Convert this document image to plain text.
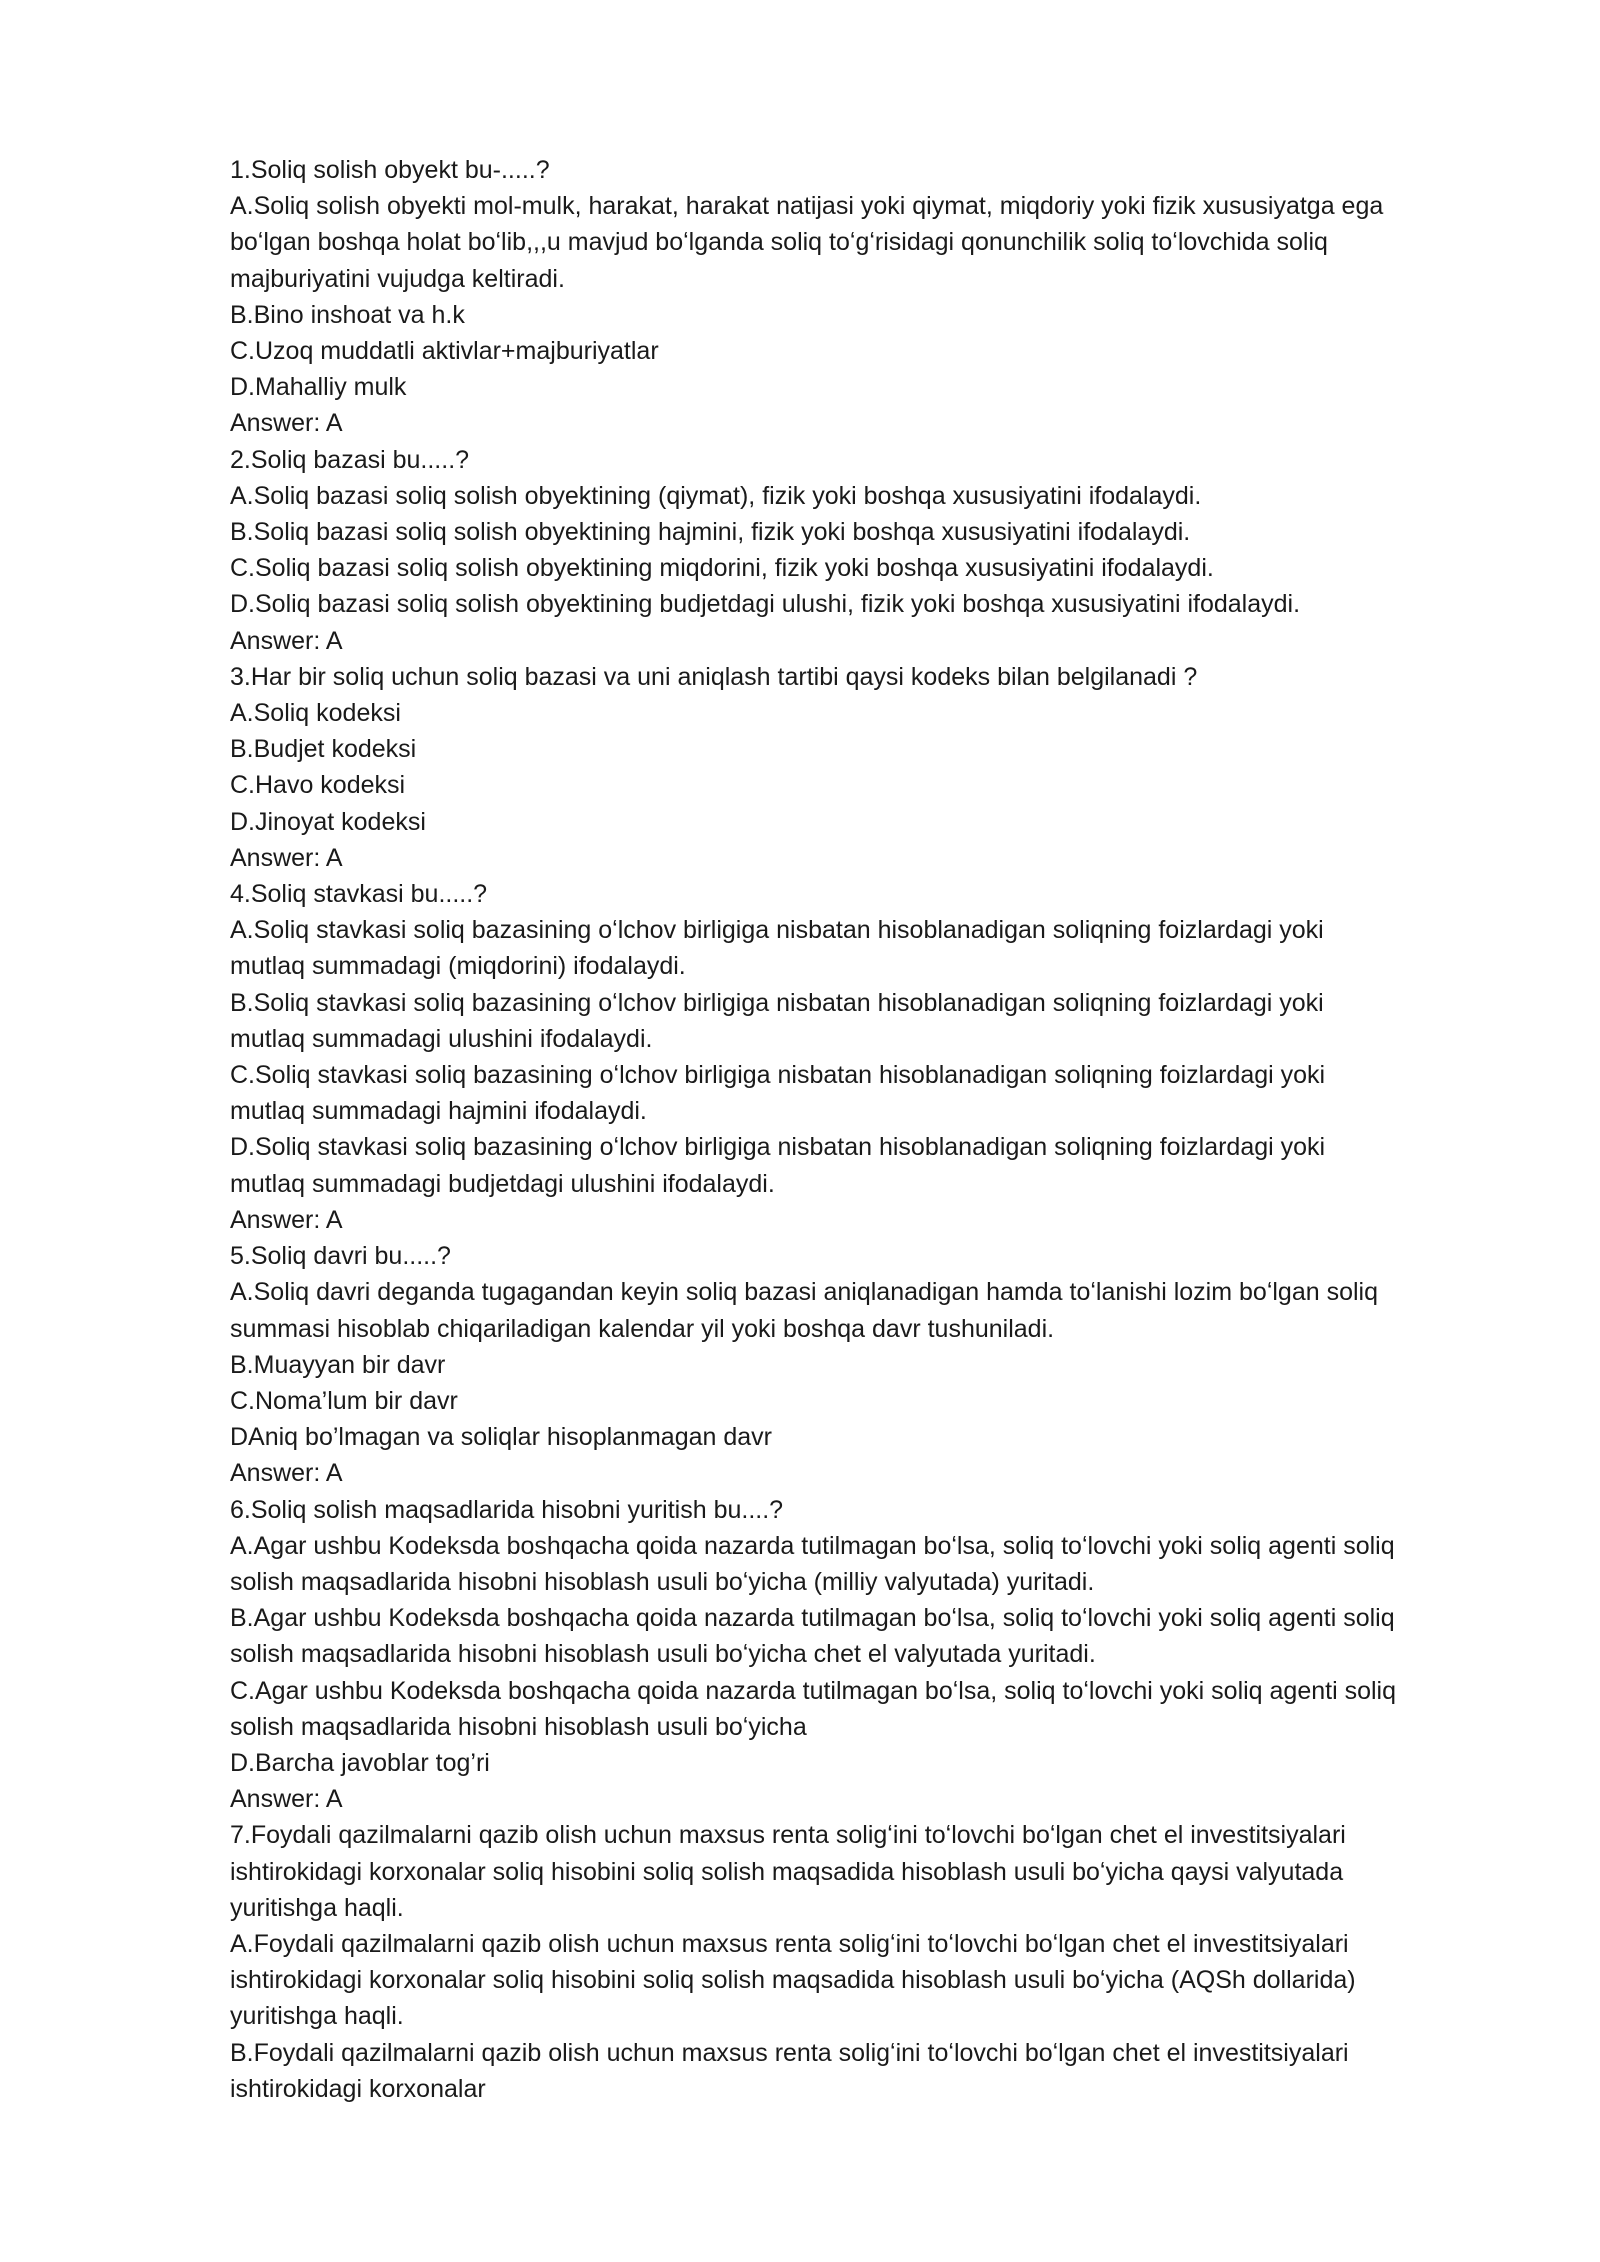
1.Soliq solish obyekt bu-.....?
A.Soliq solish obyekti mol-mulk, harakat, harakat natijasi yoki qiymat, miqdoriy yoki fizik xususiyatga ega
boʻlgan boshqa holat boʻlib,,,u mavjud boʻlganda soliq toʻgʻrisidagi qonunchilik soliq toʻlovchida soliq
majburiyatini vujudga keltiradi.
B.Bino inshoat va h.k
C.Uzoq muddatli aktivlar+majburiyatlar
D.Mahalliy mulk
Answer: A
2.Soliq bazasi bu.....?
A.Soliq bazasi soliq solish obyektining (qiymat), fizik yoki boshqa xususiyatini ifodalaydi.
B.Soliq bazasi soliq solish obyektining hajmini, fizik yoki boshqa xususiyatini ifodalaydi.
C.Soliq bazasi soliq solish obyektining miqdorini, fizik yoki boshqa xususiyatini ifodalaydi.
D.Soliq bazasi soliq solish obyektining budjetdagi ulushi, fizik yoki boshqa xususiyatini ifodalaydi.
Answer: A
3.Har bir soliq uchun soliq bazasi va uni aniqlash tartibi qaysi kodeks bilan belgilanadi ?
A.Soliq kodeksi
B.Budjet kodeksi
C.Havo kodeksi
D.Jinoyat kodeksi
Answer: A
4.Soliq stavkasi bu.....?
A.Soliq stavkasi soliq bazasining oʻlchov birligiga nisbatan hisoblanadigan soliqning foizlardagi yoki
mutlaq summadagi (miqdorini) ifodalaydi.
B.Soliq stavkasi soliq bazasining oʻlchov birligiga nisbatan hisoblanadigan soliqning foizlardagi yoki
mutlaq summadagi ulushini ifodalaydi.
C.Soliq stavkasi soliq bazasining oʻlchov birligiga nisbatan hisoblanadigan soliqning foizlardagi yoki
mutlaq summadagi hajmini ifodalaydi.
D.Soliq stavkasi soliq bazasining oʻlchov birligiga nisbatan hisoblanadigan soliqning foizlardagi yoki
mutlaq summadagi budjetdagi ulushini ifodalaydi.
Answer: A
5.Soliq davri bu.....?
A.Soliq davri deganda tugagandan keyin soliq bazasi aniqlanadigan hamda toʻlanishi lozim boʻlgan soliq
summasi hisoblab chiqariladigan kalendar yil yoki boshqa davr tushuniladi.
B.Muayyan bir davr
C.Noma’lum bir davr
DAniq bo’lmagan va soliqlar hisoplanmagan davr
Answer: A
6.Soliq solish maqsadlarida hisobni yuritish bu....?
A.Agar ushbu Kodeksda boshqacha qoida nazarda tutilmagan boʻlsa, soliq toʻlovchi yoki soliq agenti soliq
solish maqsadlarida hisobni hisoblash usuli boʻyicha (milliy valyutada) yuritadi.
B.Agar ushbu Kodeksda boshqacha qoida nazarda tutilmagan boʻlsa, soliq toʻlovchi yoki soliq agenti soliq
solish maqsadlarida hisobni hisoblash usuli boʻyicha chet el valyutada yuritadi.
C.Agar ushbu Kodeksda boshqacha qoida nazarda tutilmagan boʻlsa, soliq toʻlovchi yoki soliq agenti soliq
solish maqsadlarida hisobni hisoblash usuli boʻyicha
D.Barcha javoblar tog’ri
Answer: A
7.Foydali qazilmalarni qazib olish uchun maxsus renta soligʻini toʻlovchi boʻlgan chet el investitsiyalari
ishtirokidagi korxonalar soliq hisobini soliq solish maqsadida hisoblash usuli boʻyicha qaysi valyutada
yuritishga haqli.
A.Foydali qazilmalarni qazib olish uchun maxsus renta soligʻini toʻlovchi boʻlgan chet el investitsiyalari
ishtirokidagi korxonalar soliq hisobini soliq solish maqsadida hisoblash usuli boʻyicha (AQSh dollarida)
yuritishga haqli.
B.Foydali qazilmalarni qazib olish uchun maxsus renta soligʻini toʻlovchi boʻlgan chet el investitsiyalari
ishtirokidagi korxonalar
